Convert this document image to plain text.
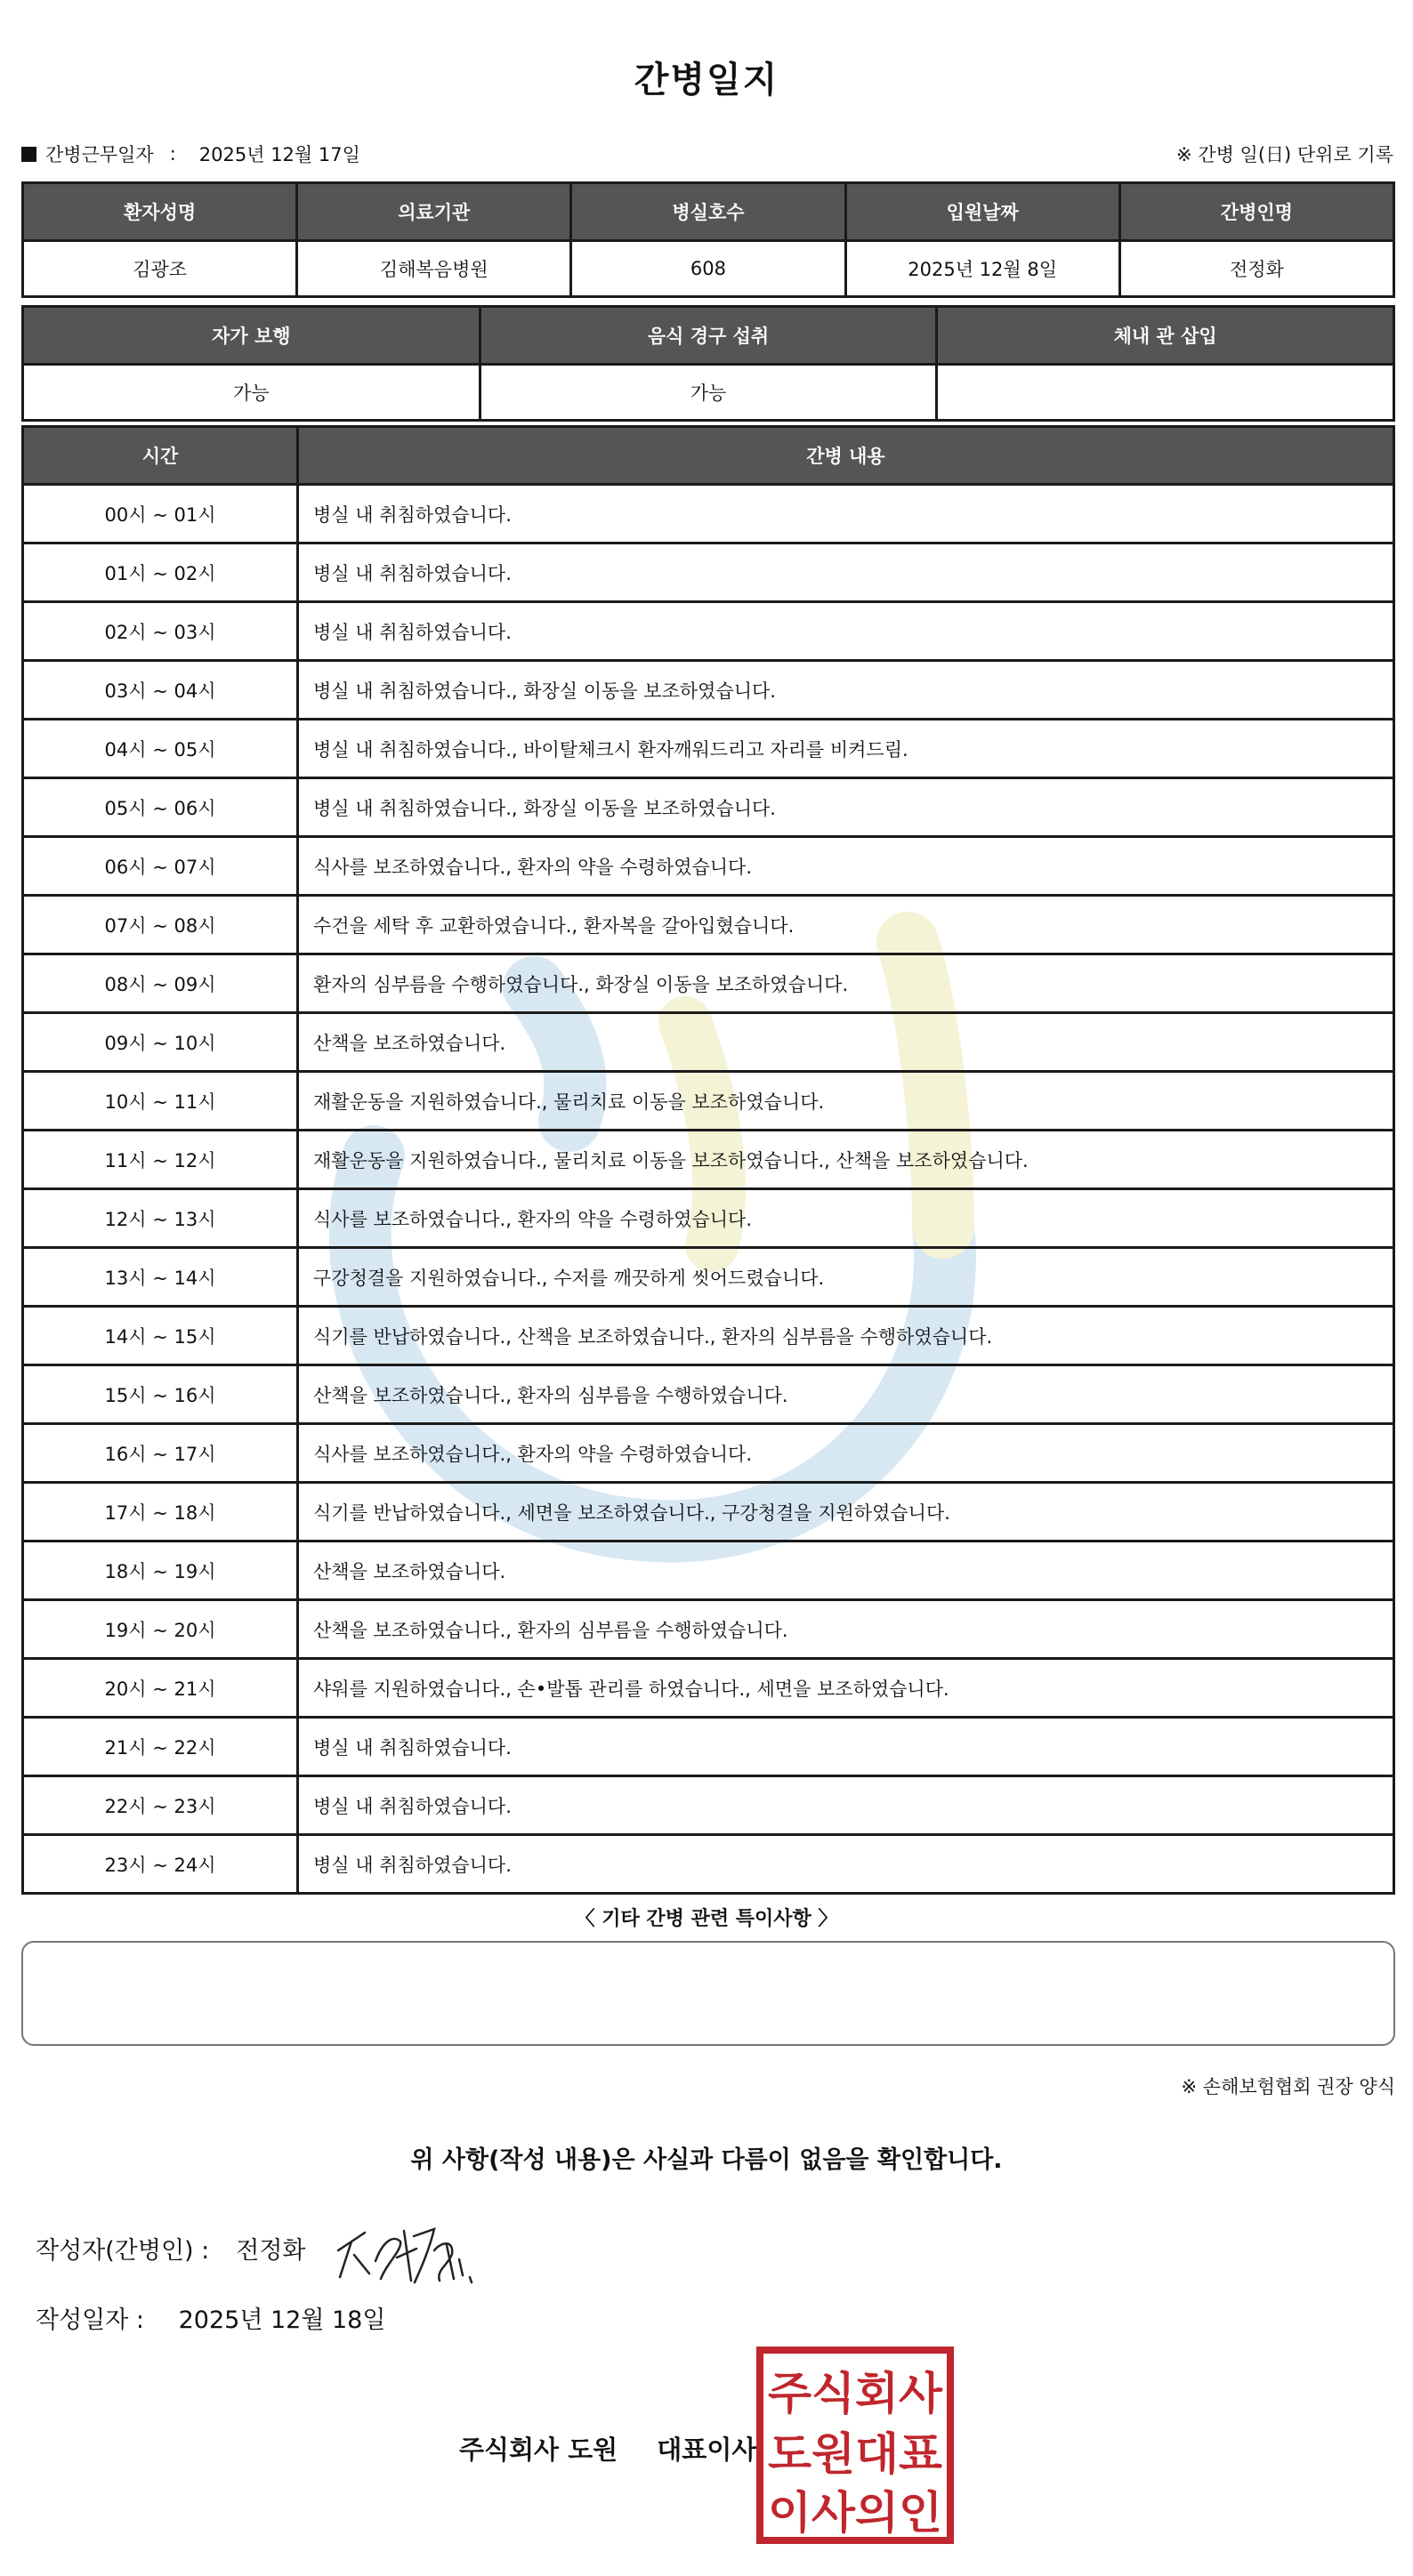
간병일지
간병근무일자 : 2025년 12월 17일	※ 간병 일(日) 단위로 기록
환자성명	의료기관	병실호수	입원날짜	간병인명
김광조	김해복음병원	608	2025년 12월 8일	전정화
자가 보행	음식 경구 섭취	체내 관 삽입
가능	가능	
시간	간병 내용
00시 ~ 01시	병실 내 취침하였습니다.
01시 ~ 02시	병실 내 취침하였습니다.
02시 ~ 03시	병실 내 취침하였습니다.
03시 ~ 04시	병실 내 취침하였습니다., 화장실 이동을 보조하였습니다.
04시 ~ 05시	병실 내 취침하였습니다., 바이탈체크시 환자깨워드리고 자리를 비켜드림.
05시 ~ 06시	병실 내 취침하였습니다., 화장실 이동을 보조하였습니다.
06시 ~ 07시	식사를 보조하였습니다., 환자의 약을 수령하였습니다.
07시 ~ 08시	수건을 세탁 후 교환하였습니다., 환자복을 갈아입혔습니다.
08시 ~ 09시	환자의 심부름을 수행하였습니다., 화장실 이동을 보조하였습니다.
09시 ~ 10시	산책을 보조하였습니다.
10시 ~ 11시	재활운동을 지원하였습니다., 물리치료 이동을 보조하였습니다.
11시 ~ 12시	재활운동을 지원하였습니다., 물리치료 이동을 보조하였습니다., 산책을 보조하였습니다.
12시 ~ 13시	식사를 보조하였습니다., 환자의 약을 수령하였습니다.
13시 ~ 14시	구강청결을 지원하였습니다., 수저를 깨끗하게 씻어드렸습니다.
14시 ~ 15시	식기를 반납하였습니다., 산책을 보조하였습니다., 환자의 심부름을 수행하였습니다.
15시 ~ 16시	산책을 보조하였습니다., 환자의 심부름을 수행하였습니다.
16시 ~ 17시	식사를 보조하였습니다., 환자의 약을 수령하였습니다.
17시 ~ 18시	식기를 반납하였습니다., 세면을 보조하였습니다., 구강청결을 지원하였습니다.
18시 ~ 19시	산책을 보조하였습니다.
19시 ~ 20시	산책을 보조하였습니다., 환자의 심부름을 수행하였습니다.
20시 ~ 21시	샤워를 지원하였습니다., 손•발톱 관리를 하였습니다., 세면을 보조하였습니다.
21시 ~ 22시	병실 내 취침하였습니다.
22시 ~ 23시	병실 내 취침하였습니다.
23시 ~ 24시	병실 내 취침하였습니다.
〈 기타 간병 관련 특이사항 〉
※ 손해보험협회 권장 양식
위 사항(작성 내용)은 사실과 다름이 없음을 확인합니다.
작성자(간병인) : 전정화
작성일자 : 2025년 12월 18일
주식회사 도원 대표이사
주식회사
도원대표
이사의인
